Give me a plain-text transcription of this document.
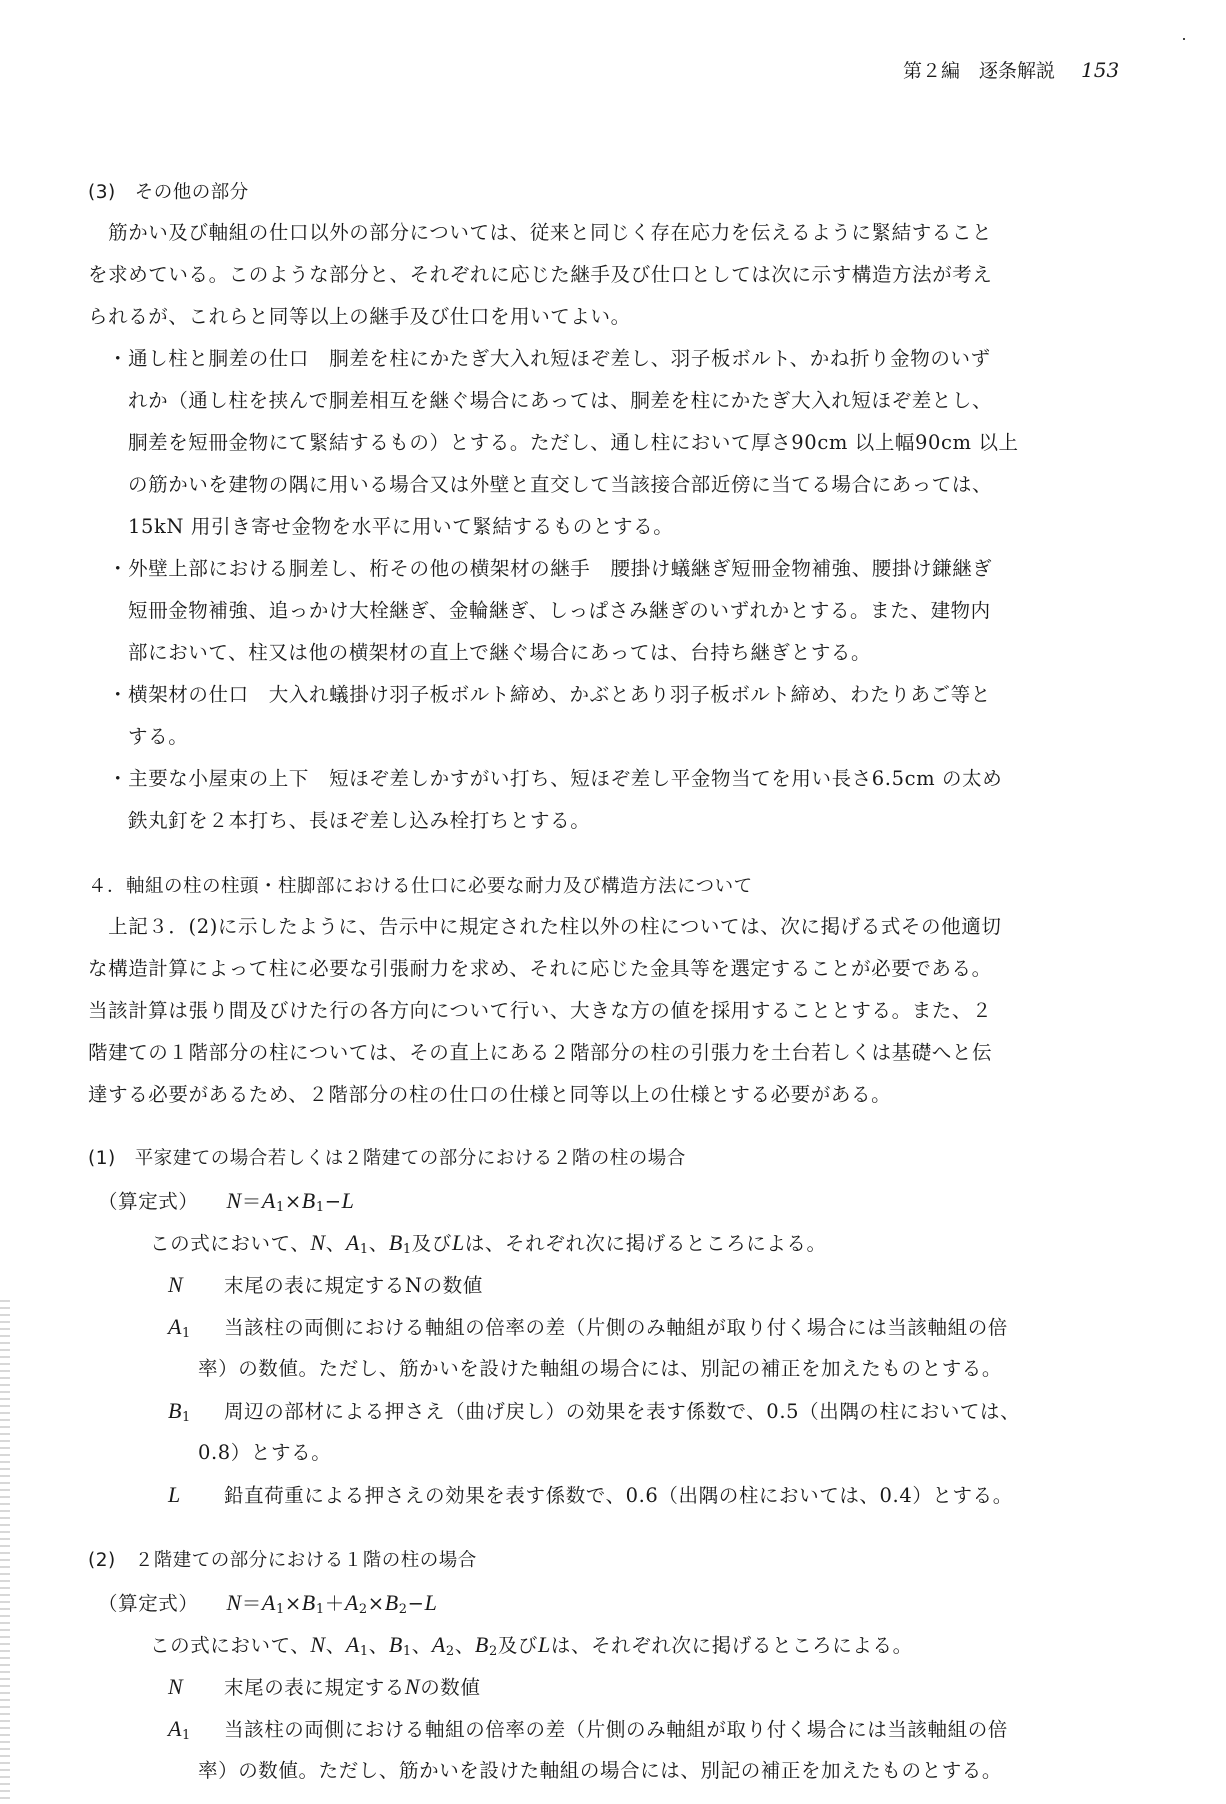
第２編　逐条解説 153
(3)　その他の部分
　筋かい及び軸組の仕口以外の部分については、従来と同じく存在応力を伝えるように緊結すること
を求めている。このような部分と、それぞれに応じた継手及び仕口としては次に示す構造方法が考え
られるが、これらと同等以上の継手及び仕口を用いてよい。
・通し柱と胴差の仕口　胴差を柱にかたぎ大入れ短ほぞ差し、羽子板ボルト、かね折り金物のいず
れか（通し柱を挟んで胴差相互を継ぐ場合にあっては、胴差を柱にかたぎ大入れ短ほぞ差とし、
胴差を短冊金物にて緊結するもの）とする。ただし、通し柱において厚さ90cm 以上幅90cm 以上
の筋かいを建物の隅に用いる場合又は外壁と直交して当該接合部近傍に当てる場合にあっては、
15kN 用引き寄せ金物を水平に用いて緊結するものとする。
・外壁上部における胴差し、桁その他の横架材の継手　腰掛け蟻継ぎ短冊金物補強、腰掛け鎌継ぎ
短冊金物補強、追っかけ大栓継ぎ、金輪継ぎ、しっぱさみ継ぎのいずれかとする。また、建物内
部において、柱又は他の横架材の直上で継ぐ場合にあっては、台持ち継ぎとする。
・横架材の仕口　大入れ蟻掛け羽子板ボルト締め、かぶとあり羽子板ボルト締め、わたりあご等と
する。
・主要な小屋束の上下　短ほぞ差しかすがい打ち、短ほぞ差し平金物当てを用い長さ6.5cm の太め
鉄丸釘を２本打ち、長ほぞ差し込み栓打ちとする。
４．軸組の柱の柱頭・柱脚部における仕口に必要な耐力及び構造方法について
　上記３．(2)に示したように、告示中に規定された柱以外の柱については、次に掲げる式その他適切
な構造計算によって柱に必要な引張耐力を求め、それに応じた金具等を選定することが必要である。
当該計算は張り間及びけた行の各方向について行い、大きな方の値を採用することとする。また、２
階建ての１階部分の柱については、その直上にある２階部分の柱の引張力を土台若しくは基礎へと伝
達する必要があるため、２階部分の柱の仕口の仕様と同等以上の仕様とする必要がある。
(1)　平家建ての場合若しくは２階建ての部分における２階の柱の場合
（算定式） $N=A_1\times B_1-L$
この式において、N、$A_1$、$B_1$及びLは、それぞれ次に掲げるところによる。
N 末尾の表に規定するNの数値
$A_1$ 当該柱の両側における軸組の倍率の差（片側のみ軸組が取り付く場合には当該軸組の倍
率）の数値。ただし、筋かいを設けた軸組の場合には、別記の補正を加えたものとする。
$B_1$ 周辺の部材による押さえ（曲げ戻し）の効果を表す係数で、0.5（出隅の柱においては、
0.8）とする。
L 鉛直荷重による押さえの効果を表す係数で、0.6（出隅の柱においては、0.4）とする。
(2)　２階建ての部分における１階の柱の場合
（算定式） $N=A_1\times B_1+A_2\times B_2-L$
この式において、N、$A_1$、$B_1$、$A_2$、$B_2$及びLは、それぞれ次に掲げるところによる。
N 末尾の表に規定するNの数値
$A_1$ 当該柱の両側における軸組の倍率の差（片側のみ軸組が取り付く場合には当該軸組の倍
率）の数値。ただし、筋かいを設けた軸組の場合には、別記の補正を加えたものとする。
